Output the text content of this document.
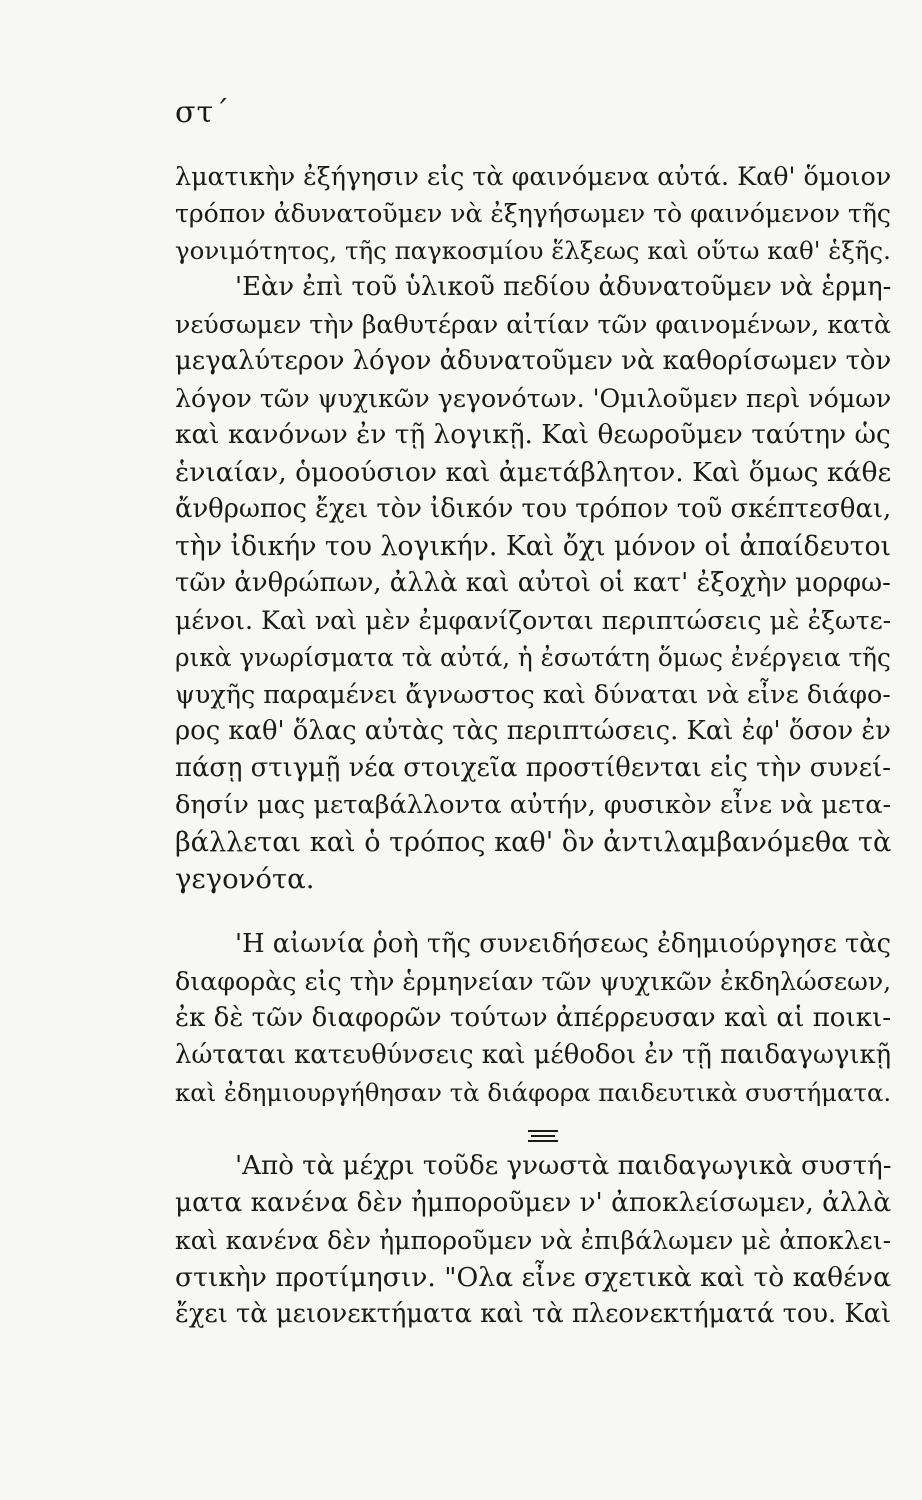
στ΄
λματικὴν ἐξήγησιν εἰς τὰ φαινόμενα αὐτά. Καθ' ὅμοιον
τρόπον ἀδυνατοῦμεν νὰ ἐξηγήσωμεν τὸ φαινόμενον τῆς
γονιμότητος, τῆς παγκοσμίου ἕλξεως καὶ οὕτω καθ' ἑξῆς.
'Εὰν ἐπὶ τοῦ ὑλικοῦ πεδίου ἀδυνατοῦμεν νὰ ἑρμη-
νεύσωμεν τὴν βαθυτέραν αἰτίαν τῶν φαινομένων, κατὰ
μεγαλύτερον λόγον ἀδυνατοῦμεν νὰ καθορίσωμεν τὸν
λόγον τῶν ψυχικῶν γεγονότων. 'Ομιλοῦμεν περὶ νόμων
καὶ κανόνων ἐν τῇ λογικῇ. Καὶ θεωροῦμεν ταύτην ὡς
ἑνιαίαν, ὁμοούσιον καὶ ἀμετάβλητον. Καὶ ὅμως κάθε
ἄνθρωπος ἔχει τὸν ἰδικόν του τρόπον τοῦ σκέπτεσθαι,
τὴν ἰδικήν του λογικήν. Καὶ ὄχι μόνον οἱ ἀπαίδευτοι
τῶν ἀνθρώπων, ἀλλὰ καὶ αὐτοὶ οἱ κατ' ἐξοχὴν μορφω-
μένοι. Καὶ ναὶ μὲν ἐμφανίζονται περιπτώσεις μὲ ἐξωτε-
ρικὰ γνωρίσματα τὰ αὐτά, ἡ ἐσωτάτη ὅμως ἐνέργεια τῆς
ψυχῆς παραμένει ἄγνωστος καὶ δύναται νὰ εἶνε διάφο-
ρος καθ' ὅλας αὐτὰς τὰς περιπτώσεις. Καὶ ἐφ' ὅσον ἐν
πάσῃ στιγμῇ νέα στοιχεῖα προστίθενται εἰς τὴν συνεί-
δησίν μας μεταβάλλοντα αὐτήν, φυσικὸν εἶνε νὰ μετα-
βάλλεται καὶ ὁ τρόπος καθ' ὃν ἀντιλαμβανόμεθα τὰ
γεγονότα.
'Η αἰωνία ῥοὴ τῆς συνειδήσεως ἐδημιούργησε τὰς
διαφορὰς εἰς τὴν ἑρμηνείαν τῶν ψυχικῶν ἐκδηλώσεων,
ἐκ δὲ τῶν διαφορῶν τούτων ἀπέρρευσαν καὶ αἱ ποικι-
λώταται κατευθύνσεις καὶ μέθοδοι ἐν τῇ παιδαγωγικῇ
καὶ ἐδημιουργήθησαν τὰ διάφορα παιδευτικὰ συστήματα.
'Απὸ τὰ μέχρι τοῦδε γνωστὰ παιδαγωγικὰ συστή-
ματα κανένα δὲν ἠμποροῦμεν ν' ἀποκλείσωμεν, ἀλλὰ
καὶ κανένα δὲν ἠμποροῦμεν νὰ ἐπιβάλωμεν μὲ ἀποκλει-
στικὴν προτίμησιν. "Ολα εἶνε σχετικὰ καὶ τὸ καθένα
ἔχει τὰ μειονεκτήματα καὶ τὰ πλεονεκτήματά του. Καὶ
